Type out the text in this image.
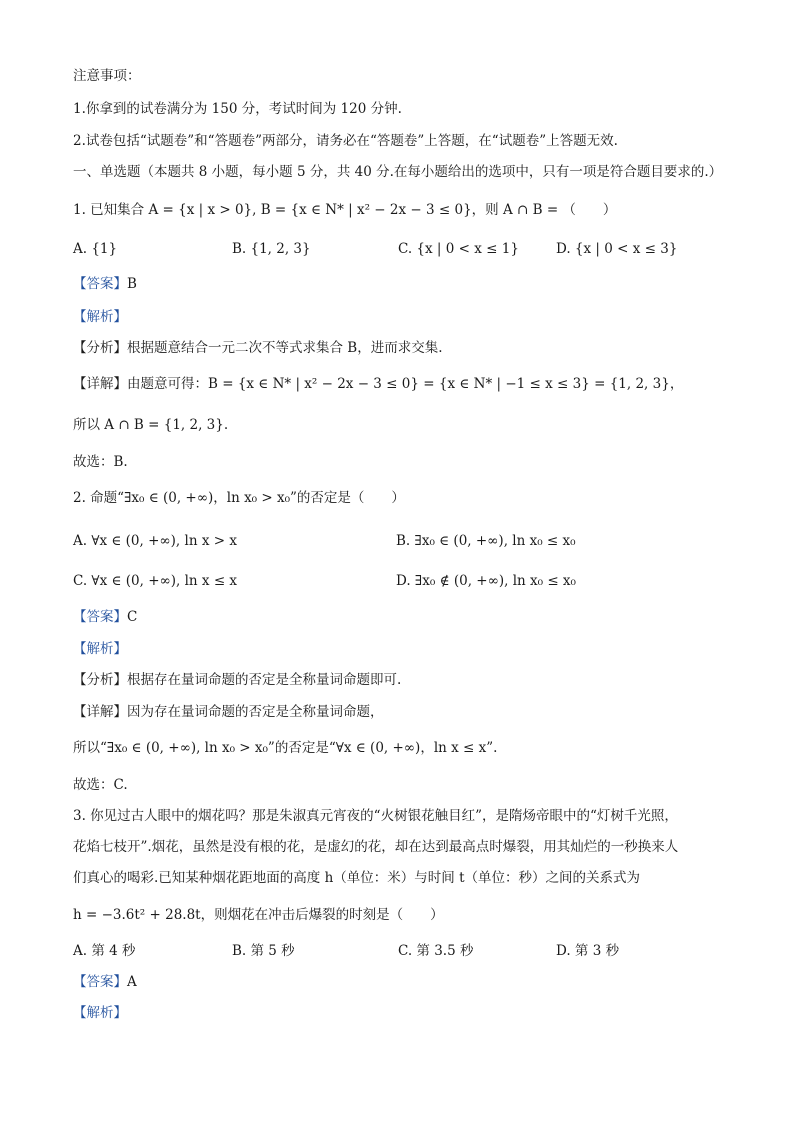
注意事项：
1.你拿到的试卷满分为 150 分，考试时间为 120 分钟.
2.试卷包括“试题卷”和“答题卷”两部分，请务必在“答题卷”上答题，在“试题卷”上答题无效.
一、单选题（本题共 8 小题，每小题 5 分，共 40 分.在每小题给出的选项中，只有一项是符合题目要求的.）
1. 已知集合 A = {x | x > 0}, B = {x ∈ N* | x² − 2x − 3 ≤ 0}，则 A ∩ B = （　　）
A. {1}	B. {1, 2, 3}	C. {x | 0 < x ≤ 1}	D. {x | 0 < x ≤ 3}
【答案】B
【解析】
【分析】根据题意结合一元二次不等式求集合 B，进而求交集.
【详解】由题意可得：B = {x ∈ N* | x² − 2x − 3 ≤ 0} = {x ∈ N* | −1 ≤ x ≤ 3} = {1, 2, 3}，
所以 A ∩ B = {1, 2, 3}.
故选：B.
2. 命题“∃x₀ ∈ (0, +∞)，ln x₀ > x₀”的否定是（　　）
A. ∀x ∈ (0, +∞), ln x > x	B. ∃x₀ ∈ (0, +∞), ln x₀ ≤ x₀
C. ∀x ∈ (0, +∞), ln x ≤ x	D. ∃x₀ ∉ (0, +∞), ln x₀ ≤ x₀
【答案】C
【解析】
【分析】根据存在量词命题的否定是全称量词命题即可.
【详解】因为存在量词命题的否定是全称量词命题，
所以“∃x₀ ∈ (0, +∞), ln x₀ > x₀”的否定是“∀x ∈ (0, +∞)，ln x ≤ x”.
故选：C.
3. 你见过古人眼中的烟花吗？那是朱淑真元宵夜的“火树银花触目红”，是隋炀帝眼中的“灯树千光照，
花焰七枝开”.烟花，虽然是没有根的花，是虚幻的花，却在达到最高点时爆裂，用其灿烂的一秒换来人
们真心的喝彩.已知某种烟花距地面的高度 h（单位：米）与时间 t（单位：秒）之间的关系式为
h = −3.6t² + 28.8t，则烟花在冲击后爆裂的时刻是（　　）
A. 第 4 秒	B. 第 5 秒	C. 第 3.5 秒	D. 第 3 秒
【答案】A
【解析】
